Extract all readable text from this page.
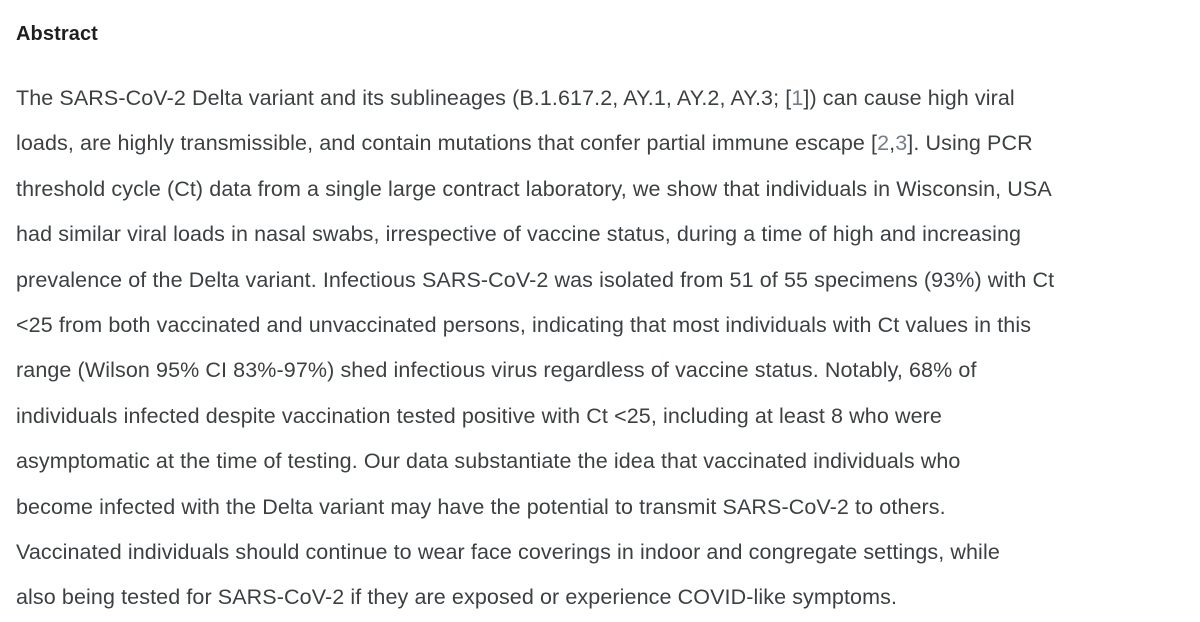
Abstract
The SARS-CoV-2 Delta variant and its sublineages (B.1.617.2, AY.1, AY.2, AY.3; [1]) can cause high viral
loads, are highly transmissible, and contain mutations that confer partial immune escape [2,3]. Using PCR
threshold cycle (Ct) data from a single large contract laboratory, we show that individuals in Wisconsin, USA
had similar viral loads in nasal swabs, irrespective of vaccine status, during a time of high and increasing
prevalence of the Delta variant. Infectious SARS-CoV-2 was isolated from 51 of 55 specimens (93%) with Ct
<25 from both vaccinated and unvaccinated persons, indicating that most individuals with Ct values in this
range (Wilson 95% CI 83%-97%) shed infectious virus regardless of vaccine status. Notably, 68% of
individuals infected despite vaccination tested positive with Ct <25, including at least 8 who were
asymptomatic at the time of testing. Our data substantiate the idea that vaccinated individuals who
become infected with the Delta variant may have the potential to transmit SARS-CoV-2 to others.
Vaccinated individuals should continue to wear face coverings in indoor and congregate settings, while
also being tested for SARS-CoV-2 if they are exposed or experience COVID-like symptoms.
